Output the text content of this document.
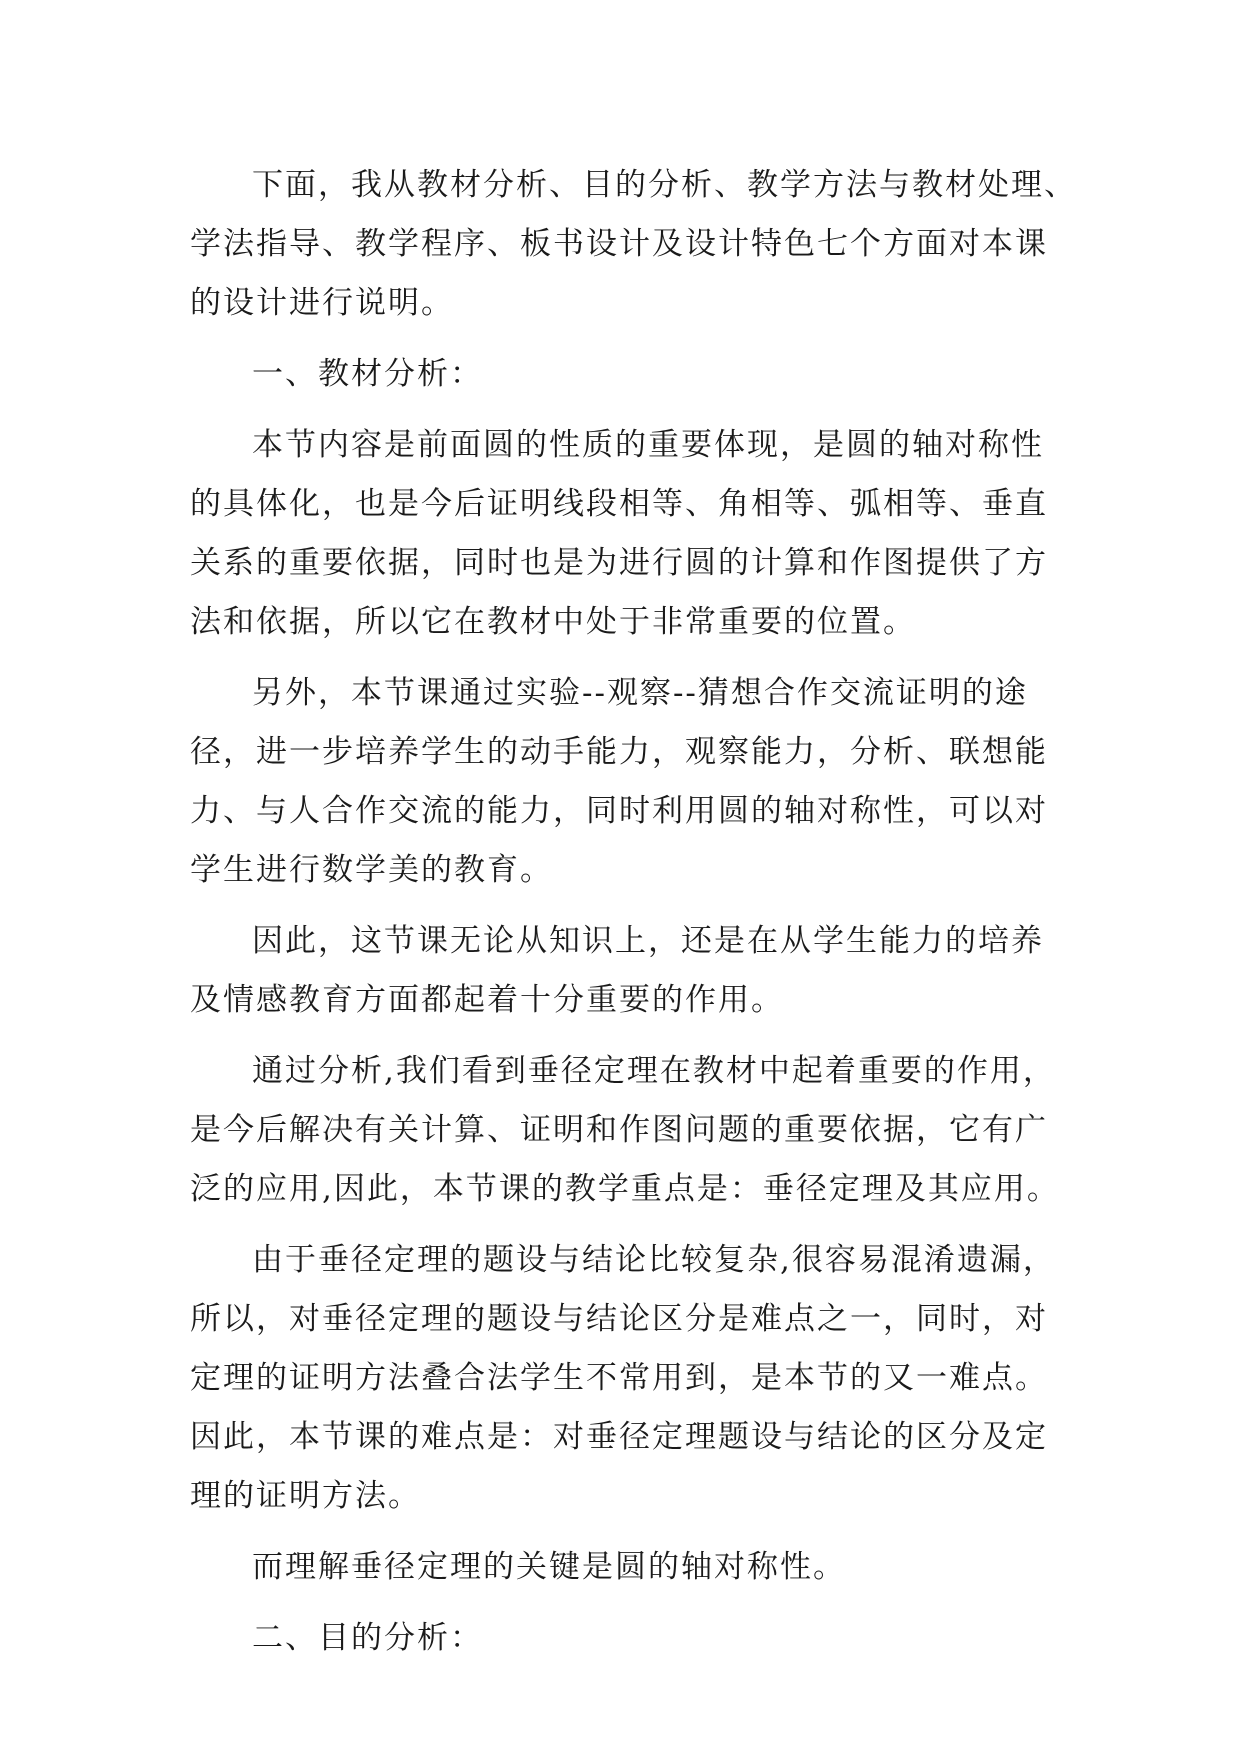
下面，我从教材分析、目的分析、教学方法与教材处理、
学法指导、教学程序、板书设计及设计特色七个方面对本课
的设计进行说明。

一、教材分析：

本节内容是前面圆的性质的重要体现，是圆的轴对称性
的具体化，也是今后证明线段相等、角相等、弧相等、垂直
关系的重要依据，同时也是为进行圆的计算和作图提供了方
法和依据，所以它在教材中处于非常重要的位置。

另外，本节课通过实验--观察--猜想合作交流证明的途
径，进一步培养学生的动手能力，观察能力，分析、联想能
力、与人合作交流的能力，同时利用圆的轴对称性，可以对
学生进行数学美的教育。

因此，这节课无论从知识上，还是在从学生能力的培养
及情感教育方面都起着十分重要的作用。

通过分析,我们看到垂径定理在教材中起着重要的作用，
是今后解决有关计算、证明和作图问题的重要依据，它有广
泛的应用,因此，本节课的教学重点是：垂径定理及其应用。

由于垂径定理的题设与结论比较复杂,很容易混淆遗漏，
所以，对垂径定理的题设与结论区分是难点之一，同时，对
定理的证明方法叠合法学生不常用到，是本节的又一难点。
因此，本节课的难点是：对垂径定理题设与结论的区分及定
理的证明方法。

而理解垂径定理的关键是圆的轴对称性。

二、目的分析：
